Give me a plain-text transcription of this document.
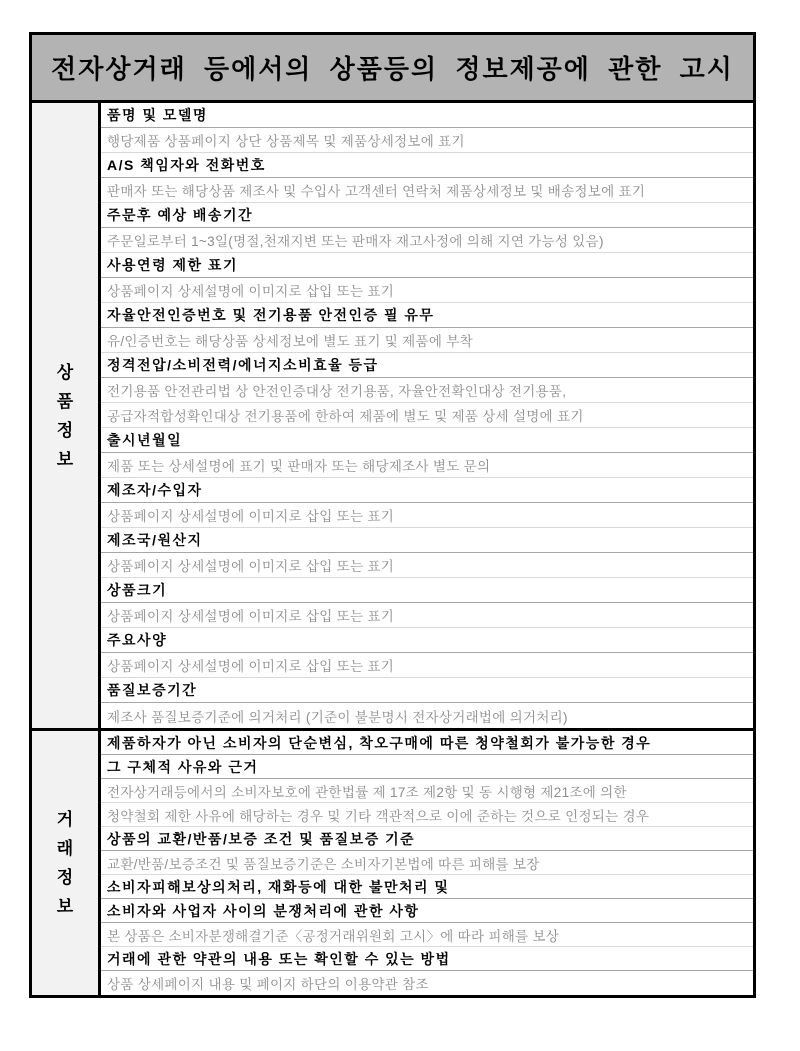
전자상거래 등에서의 상품등의 정보제공에 관한 고시
상품정보
품명 및 모델명
행당제품 상품페이지 상단 상품제목 및 제품상세정보에 표기
A/S 책임자와 전화번호
판매자 또는 해당상품 제조사 및 수입사 고객센터 연락처 제품상세정보 및 배송정보에 표기
주문후 예상 배송기간
주문일로부터 1~3일(명절,천재지변 또는 판매자 재고사정에 의해 지연 가능성 있음)
사용연령 제한 표기
상품페이지 상세설명에 이미지로 삽입 또는 표기
자율안전인증번호 및 전기용품 안전인증 필 유무
유/인증번호는 해당상품 상세정보에 별도 표기 및 제품에 부착
정격전압/소비전력/에너지소비효율 등급
전기용품 안전관리법 상 안전인증대상 전기용품, 자율안전확인대상 전기용품,
공급자적합성확인대상 전기용품에 한하여 제품에 별도 및 제품 상세 설명에 표기
출시년월일
제품 또는 상세설명에 표기 및 판매자 또는 해당제조사 별도 문의
제조자/수입자
상품페이지 상세설명에 이미지로 삽입 또는 표기
제조국/원산지
상품페이지 상세설명에 이미지로 삽입 또는 표기
상품크기
상품페이지 상세설명에 이미지로 삽입 또는 표기
주요사양
상품페이지 상세설명에 이미지로 삽입 또는 표기
품질보증기간
제조사 품질보증기준에 의거처리 (기준이 불분명시 전자상거래법에 의거처리)
거래정보
제품하자가 아닌 소비자의 단순변심, 착오구매에 따른 청약철회가 불가능한 경우
그 구체적 사유와 근거
전자상거래등에서의 소비자보호에 관한법률 제 17조 제2항 및 동 시행형 제21조에 의한
청약철회 제한 사유에 해당하는 경우 및 기타 객관적으로 이에 준하는 것으로 인정되는 경우
상품의 교환/반품/보증 조건 및 품질보증 기준
교환/반품/보증조건 및 품질보증기준은 소비자기본법에 따른 피해를 보장
소비자피해보상의처리, 재화등에 대한 불만처리 및
소비자와 사업자 사이의 분쟁처리에 관한 사항
본 상품은 소비자분쟁해결기준〈공정거래위원회 고시〉에 따라 피해를 보상
거래에 관한 약관의 내용 또는 확인할 수 있는 방법
상품 상세페이지 내용 및 페이지 하단의 이용약관 참조
